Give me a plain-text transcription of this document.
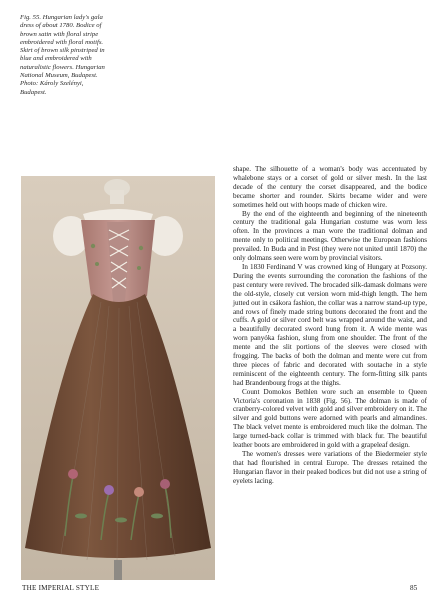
Fig. 55. Hungarian lady's gala dress of about 1780. Bodice of brown satin with floral stripe embroidered with floral motifs. Skirt of brown silk pinstriped in blue and embroidered with naturalistic flowers. Hungarian National Museum, Budapest. Photo: Károly Szelényi, Budapest.

shape. The silhouette of a woman's body was accentuated by whalebone stays or a corset of gold or silver mesh. In the last decade of the century the corset disappeared, and the bodice became shorter and rounder. Skirts became wider and were sometimes held out with hoops made of chicken wire.

By the end of the eighteenth and beginning of the nineteenth century the traditional gala Hungarian costume was worn less often. In the provinces a man wore the traditional dolman and mente only to political meetings. Otherwise the European fashions prevailed. In Buda and in Pest (they were not united until 1870) the only dolmans seen were worn by provincial visitors.

In 1830 Ferdinand V was crowned king of Hungary at Pozsony. During the events surrounding the coronation the fashions of the past century were revived. The brocaded silk-damask dolmans were the old-style, closely cut version worn mid-thigh length. The hem jutted out in csákora fashion, the collar was a narrow stand-up type, and rows of finely made string buttons decorated the front and the cuffs. A gold or silver cord belt was wrapped around the waist, and a beautifully decorated sword hung from it. A wide mente was worn panyóka fashion, slung from one shoulder. The front of the mente and the slit portions of the sleeves were closed with frogging. The backs of both the dolman and mente were cut from three pieces of fabric and decorated with soutache in a style reminiscent of the eighteenth century. The form-fitting silk pants had Brandenbourg frogs at the thighs.

Count Domokos Bethlen wore such an ensemble to Queen Victoria's coronation in 1838 (Fig. 56). The dolman is made of cranberry-colored velvet with gold and silver embroidery on it. The silver and gold buttons were adorned with pearls and almandines. The black velvet mente is embroidered much like the dolman. The large turned-back collar is trimmed with black fur. The beautiful leather boots are embroidered in gold with a grapeleaf design.

The women's dresses were variations of the Biedermeier style that had flourished in central Europe. The dresses retained the Hungarian flavor in their peaked bodices but did not use a string of eyelets lacing.

THE IMPERIAL STYLE	85
